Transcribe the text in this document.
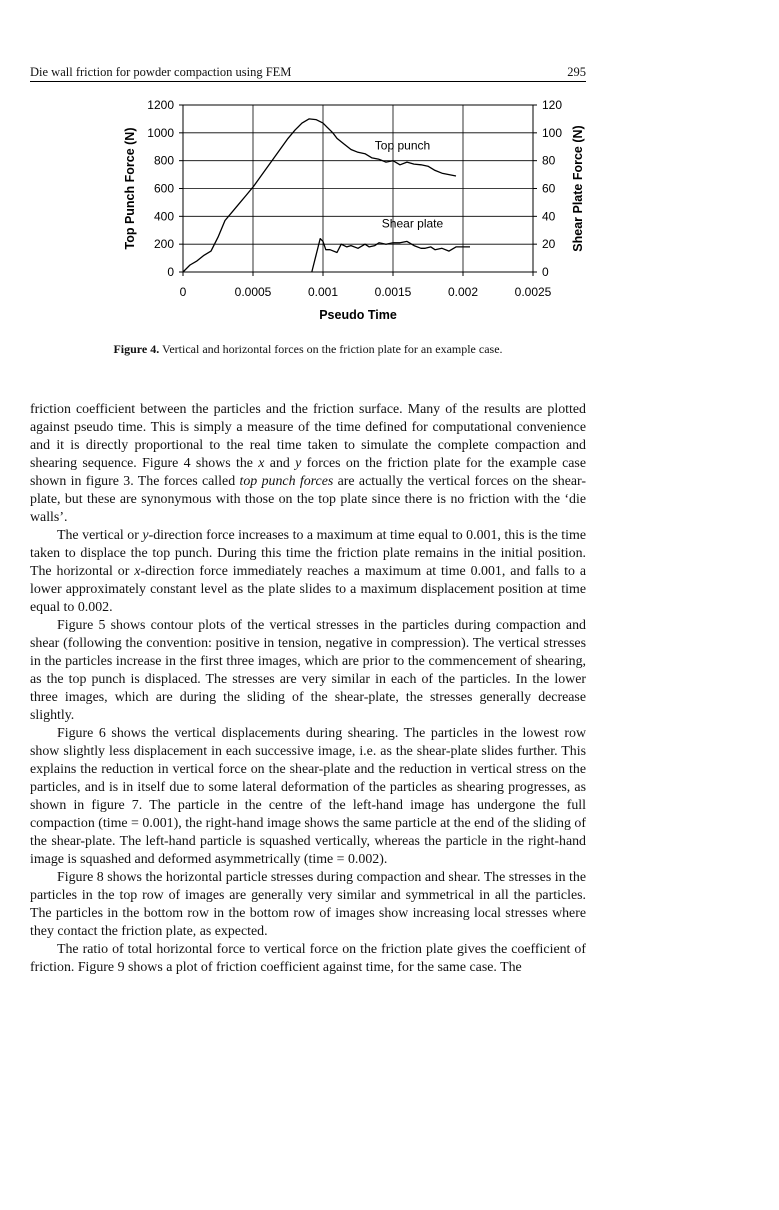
Die wall friction for powder compaction using FEM	295
0
200
400
600
800
1000
1200
0
20
40
60
80
100
120
0	0.0005	0.001	0.0015	0.002	0.0025
Pseudo Time
Top Punch Force (N)	Shear Plate Force (N)
Top punch
Shear plate
Figure 4. Vertical and horizontal forces on the friction plate for an example case.

friction coefficient between the particles and the friction surface. Many of the results are plotted against pseudo time. This is simply a measure of the time defined for computational convenience and it is directly proportional to the real time taken to simulate the complete compaction and shearing sequence. Figure 4 shows the x and y forces on the friction plate for the example case shown in figure 3. The forces called top punch forces are actually the vertical forces on the shear-plate, but these are synonymous with those on the top plate since there is no friction with the ‘die walls’.

The vertical or y-direction force increases to a maximum at time equal to 0.001, this is the time taken to displace the top punch. During this time the friction plate remains in the initial position. The horizontal or x-direction force immediately reaches a maximum at time 0.001, and falls to a lower approximately constant level as the plate slides to a maximum displacement position at time equal to 0.002.

Figure 5 shows contour plots of the vertical stresses in the particles during compaction and shear (following the convention: positive in tension, negative in compression). The vertical stresses in the particles increase in the first three images, which are prior to the commencement of shearing, as the top punch is displaced. The stresses are very similar in each of the particles. In the lower three images, which are during the sliding of the shear-plate, the stresses generally decrease slightly.

Figure 6 shows the vertical displacements during shearing. The particles in the lowest row show slightly less displacement in each successive image, i.e. as the shear-plate slides further. This explains the reduction in vertical force on the shear-plate and the reduction in vertical stress on the particles, and is in itself due to some lateral deformation of the particles as shearing progresses, as shown in figure 7. The particle in the centre of the left-hand image has undergone the full compaction (time = 0.001), the right-hand image shows the same particle at the end of the sliding of the shear-plate. The left-hand particle is squashed vertically, whereas the particle in the right-hand image is squashed and deformed asymmetrically (time = 0.002).

Figure 8 shows the horizontal particle stresses during compaction and shear. The stresses in the particles in the top row of images are generally very similar and symmetrical in all the particles. The particles in the bottom row in the bottom row of images show increasing local stresses where they contact the friction plate, as expected.

The ratio of total horizontal force to vertical force on the friction plate gives the coefficient of friction. Figure 9 shows a plot of friction coefficient against time, for the same case. The
